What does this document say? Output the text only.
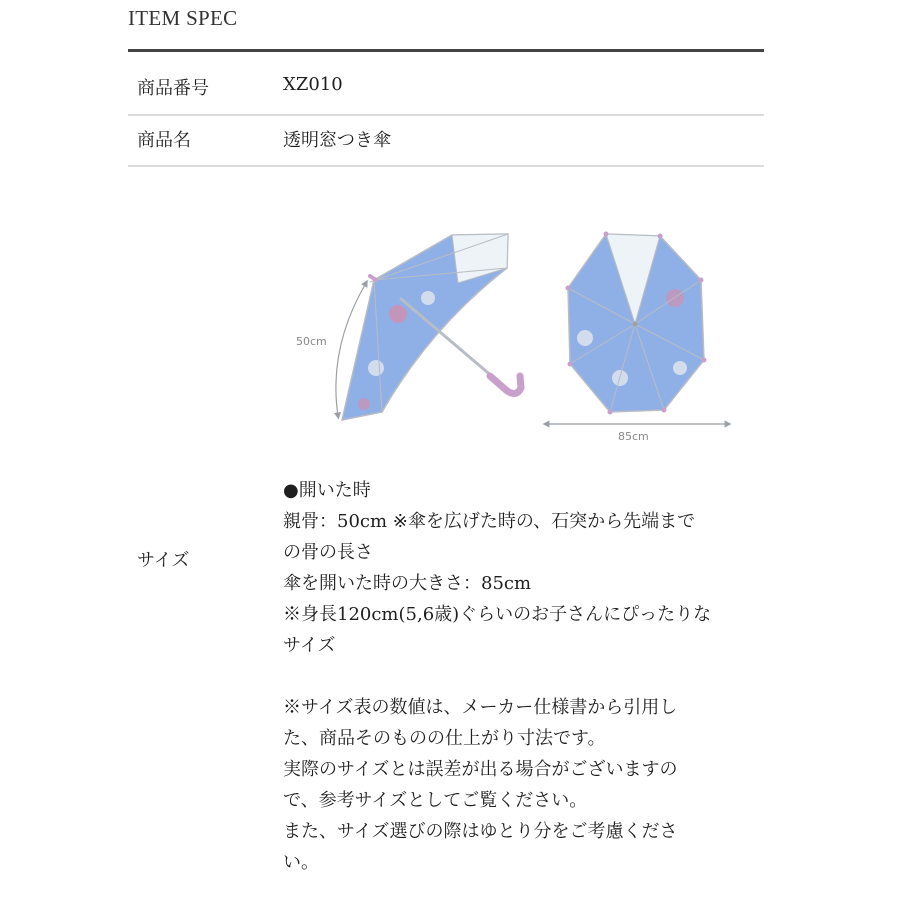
ITEM SPEC
商品番号	XZ010
商品名	透明窓つき傘
50cm
85cm
サイズ

●開いた時

親骨：50cm ※傘を広げた時の、石突から先端まで

の骨の長さ

傘を開いた時の大きさ：85cm

※身長120cm(5,6歳)ぐらいのお子さんにぴったりな

サイズ

※サイズ表の数値は、メーカー仕様書から引用し

た、商品そのものの仕上がり寸法です。

実際のサイズとは誤差が出る場合がございますの

で、参考サイズとしてご覧ください。

また、サイズ選びの際はゆとり分をご考慮くださ

い。
